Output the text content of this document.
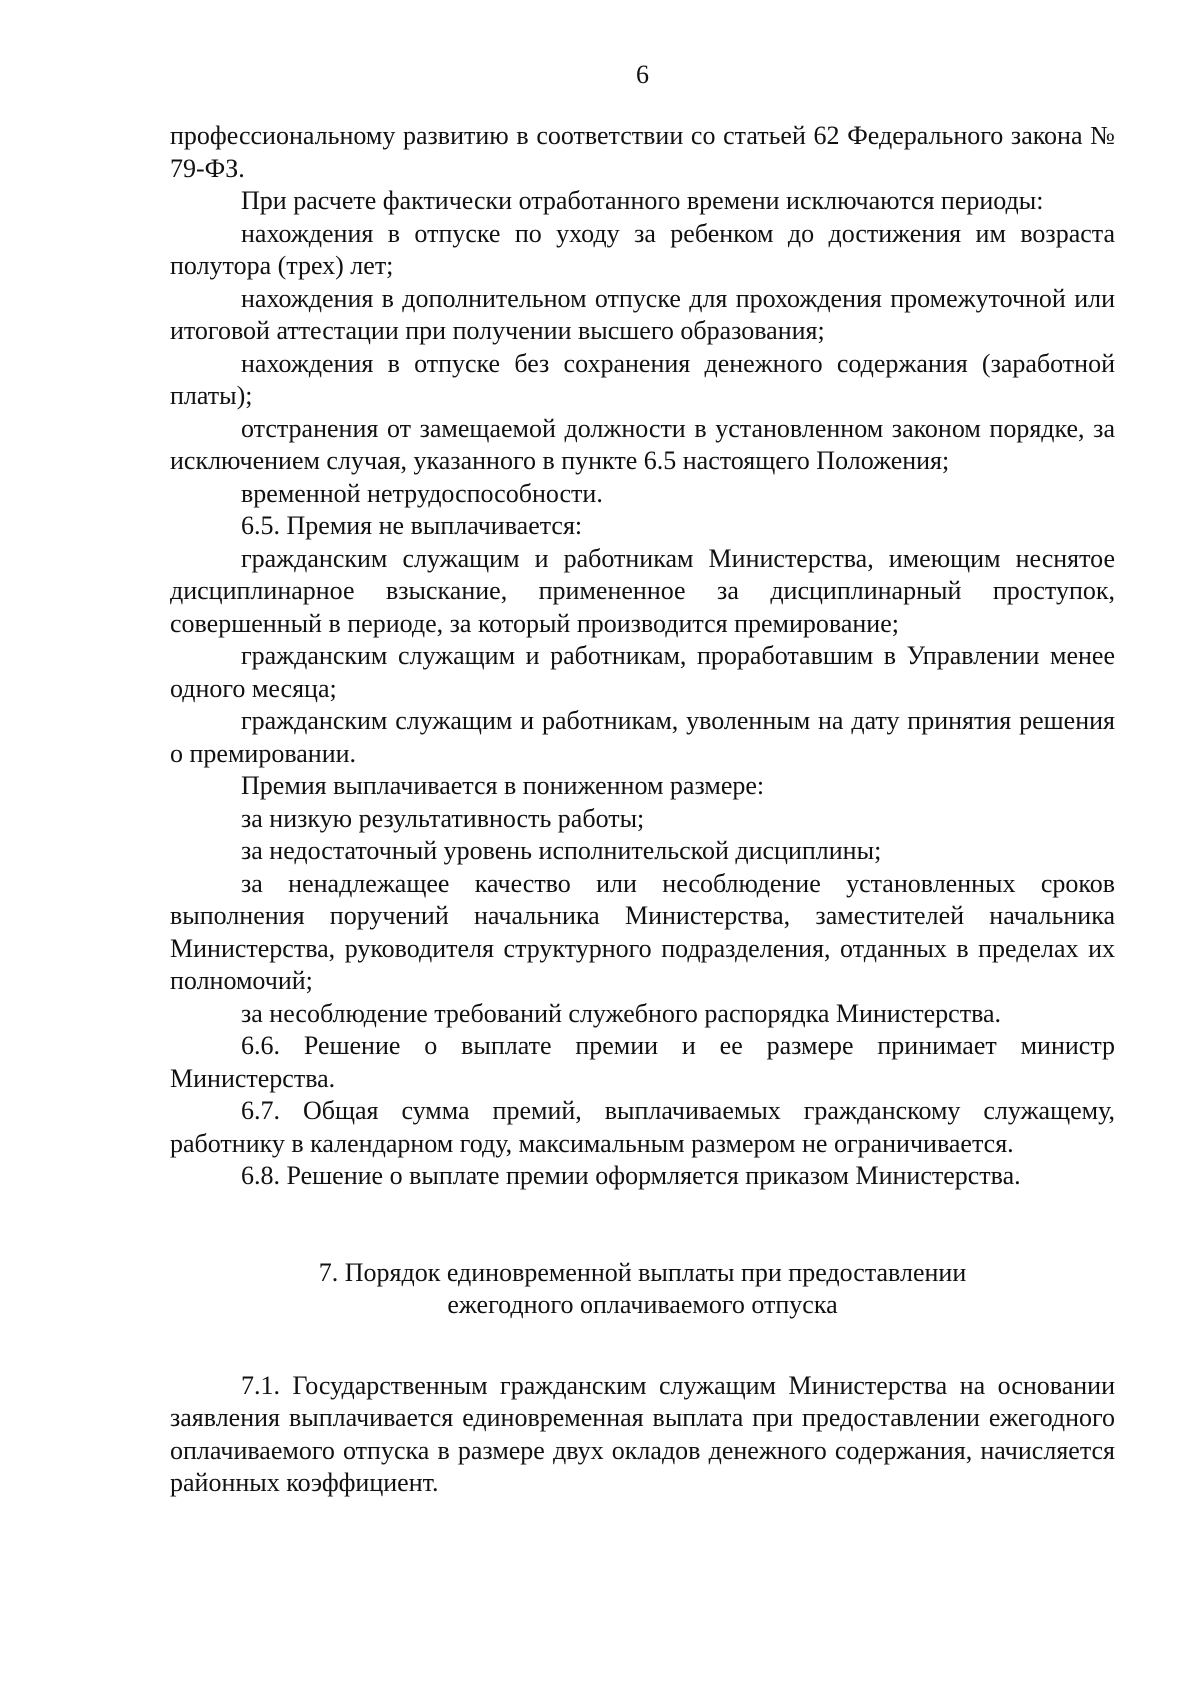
6

профессиональному развитию в соответствии со статьей 62 Федерального закона № 79-ФЗ.

При расчете фактически отработанного времени исключаются периоды:

нахождения в отпуске по уходу за ребенком до достижения им возраста полутора (трех) лет;

нахождения в дополнительном отпуске для прохождения промежуточной или итоговой аттестации при получении высшего образования;

нахождения в отпуске без сохранения денежного содержания (заработной платы);

отстранения от замещаемой должности в установленном законом порядке, за исключением случая, указанного в пункте 6.5 настоящего Положения;

временной нетрудоспособности.

6.5. Премия не выплачивается:

гражданским служащим и работникам Министерства, имеющим неснятое дисциплинарное взыскание, примененное за дисциплинарный проступок, совершенный в периоде, за который производится премирование;

гражданским служащим и работникам, проработавшим в Управлении менее одного месяца;

гражданским служащим и работникам, уволенным на дату принятия решения о премировании.

Премия выплачивается в пониженном размере:

за низкую результативность работы;

за недостаточный уровень исполнительской дисциплины;

за ненадлежащее качество или несоблюдение установленных сроков выполнения поручений начальника Министерства, заместителей начальника Министерства, руководителя структурного подразделения, отданных в пределах их полномочий;

за несоблюдение требований служебного распорядка Министерства.

6.6. Решение о выплате премии и ее размере принимает министр Министерства.

6.7. Общая сумма премий, выплачиваемых гражданскому служащему, работнику в календарном году, максимальным размером не ограничивается.

6.8. Решение о выплате премии оформляется приказом Министерства.

7. Порядок единовременной выплаты при предоставлении
ежегодного оплачиваемого отпуска

7.1. Государственным гражданским служащим Министерства на основании заявления выплачивается единовременная выплата при предоставлении ежегодного оплачиваемого отпуска в размере двух окладов денежного содержания, начисляется районных коэффициент.
